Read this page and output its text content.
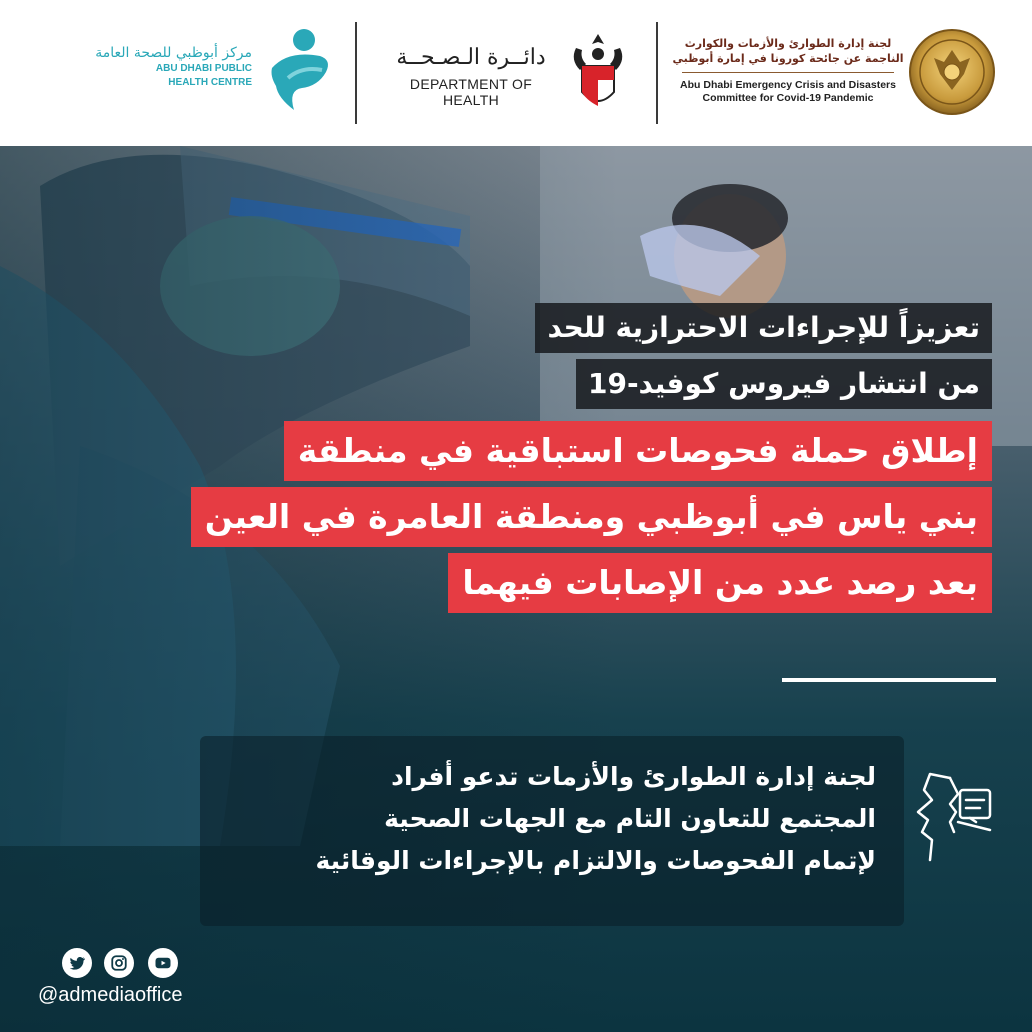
مركز أبوظبي للصحة العامة
ABU DHABI PUBLIC
HEALTH CENTRE
دائــرة الـصـحــة
DEPARTMENT OF HEALTH
لجنة إدارة الطوارئ والأزمات والكوارث
الناجمة عن جائحة كورونا في إمارة أبوظبي
Abu Dhabi Emergency Crisis and Disasters
Committee for Covid-19 Pandemic
تعزيزاً للإجراءات الاحترازية للحد
من انتشار فيروس كوفيد-19
إطلاق حملة فحوصات استباقية في منطقة
بني ياس في أبوظبي ومنطقة العامرة في العين
بعد رصد عدد من الإصابات فيهما
لجنة إدارة الطوارئ والأزمات تدعو أفراد
المجتمع للتعاون التام مع الجهات الصحية
لإتمام الفحوصات والالتزام بالإجراءات الوقائية
@admediaoffice
